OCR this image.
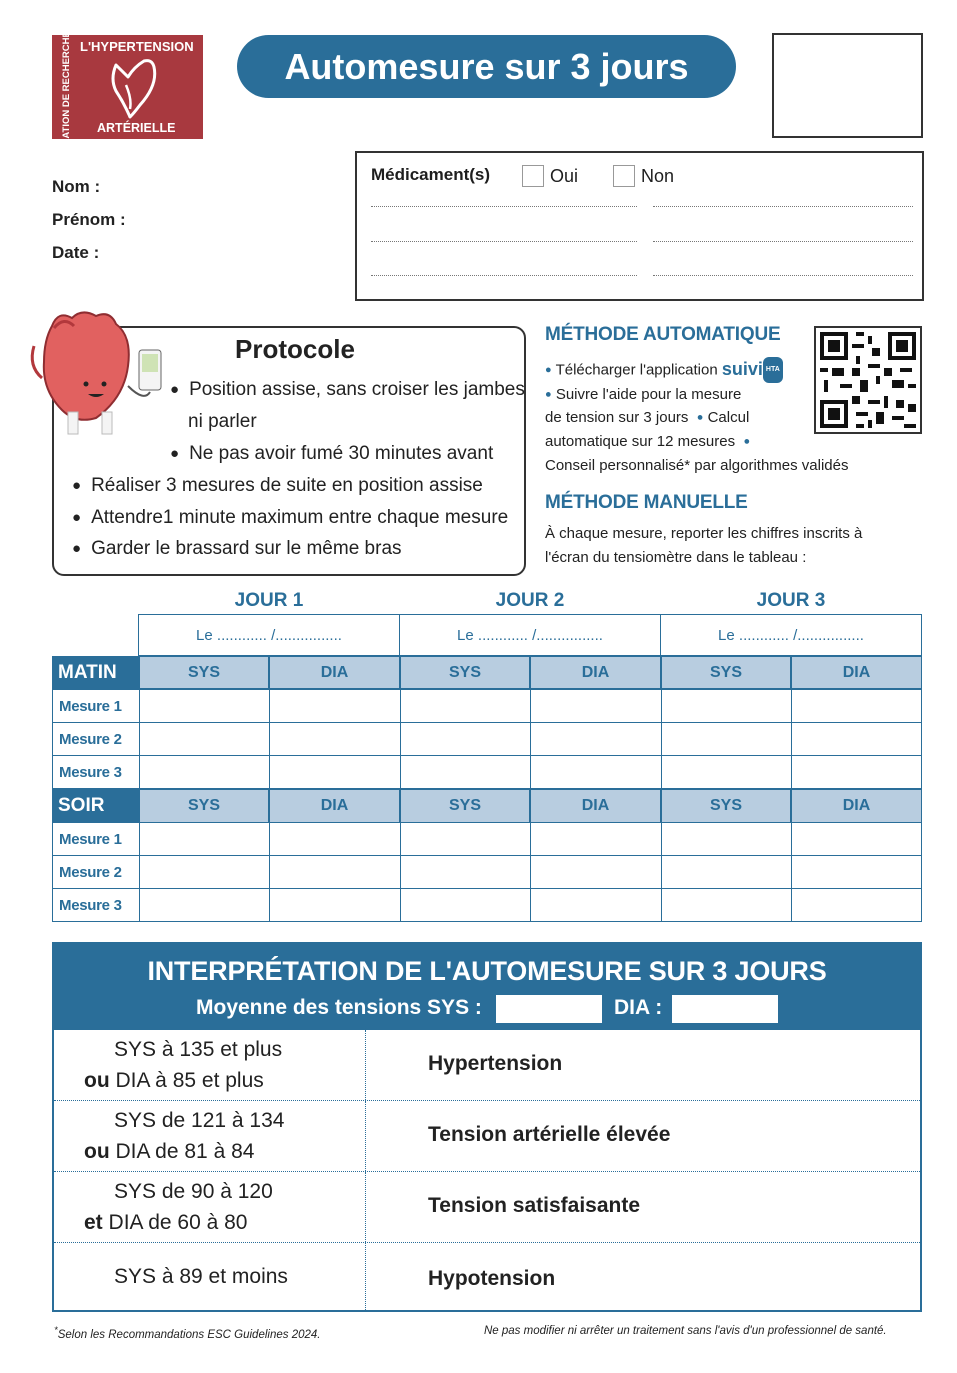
FONDATION DE RECHERCHE SUR L'HYPERTENSION
ARTÉRIELLE
Automesure sur 3 jours
Nom :
Prénom :
Date :
Médicament(s)	Oui	Non
Protocole
● Position assise, sans croiser les jambes
ni parler
● Ne pas avoir fumé 30 minutes avant
● Réaliser 3 mesures de suite en position assise
● Attendre1 minute maximum entre chaque mesure
● Garder le brassard sur le même bras
MÉTHODE AUTOMATIQUE
● Télécharger l'application suivi HTA
● Suivre l'aide pour la mesure
de tension sur 3 jours ● Calcul
automatique sur 12 mesures ●
Conseil personnalisé* par algorithmes validés
MÉTHODE MANUELLE
À chaque mesure, reporter les chiffres inscrits à
l'écran du tensiomètre dans le tableau :
JOUR 1	JOUR 2	JOUR 3
Le ............ /................	Le ............ /................	Le ............ /................
MATIN	SYS	DIA	SYS	DIA	SYS	DIA
Mesure 1
Mesure 2
Mesure 3
SOIR	SYS	DIA	SYS	DIA	SYS	DIA
Mesure 1
Mesure 2
Mesure 3
INTERPRÉTATION DE L'AUTOMESURE SUR 3 JOURS
Moyenne des tensions SYS :	DIA :
SYS à 135 et plus
ou DIA à 85 et plus
Hypertension
SYS de 121 à 134
ou DIA de 81 à 84
Tension artérielle élevée
SYS de 90 à 120
et DIA de 60 à 80
Tension satisfaisante
SYS à 89 et moins	Hypotension
*Selon les Recommandations ESC Guidelines 2024.	Ne pas modifier ni arrêter un traitement sans l'avis d'un professionnel de santé.
